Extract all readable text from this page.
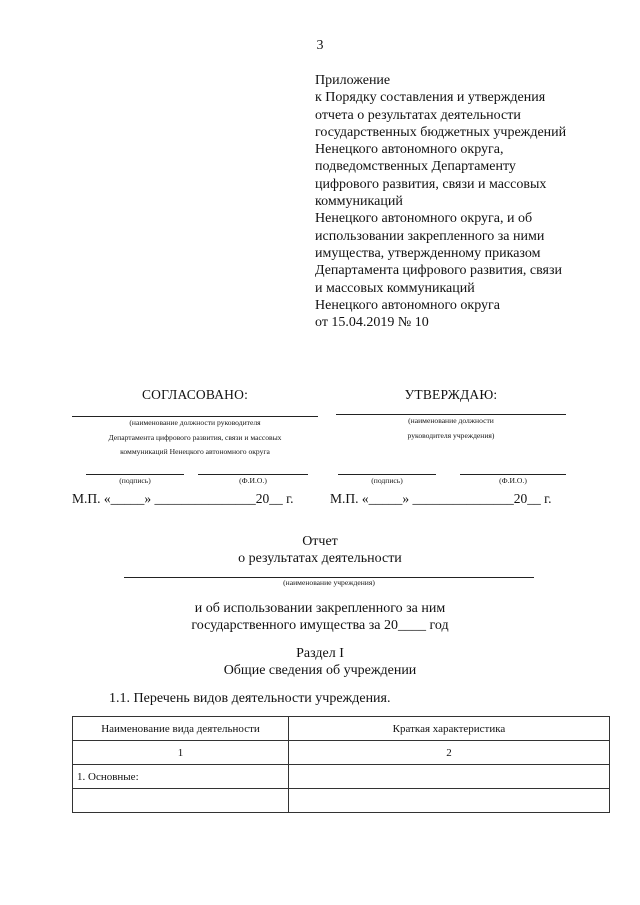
3
Приложение
к Порядку составления и утверждения
отчета о результатах деятельности
государственных бюджетных учреждений
Ненецкого автономного округа,
подведомственных Департаменту
цифрового развития, связи и массовых
коммуникаций
Ненецкого автономного округа, и об
использовании закрепленного за ними
имущества, утвержденному приказом
Департамента цифрового развития, связи
и массовых коммуникаций
Ненецкого автономного округа
от 15.04.2019 № 10
СОГЛАСОВАНО:
(наименование должности руководителя
Департамента цифрового развития, связи и массовых
коммуникаций Ненецкого автономного округа
(подпись)	(Ф.И.О.)
М.П. «_____» _______________20__ г.
УТВЕРЖДАЮ:
(наименование должности
руководителя учреждения)
(подпись)	(Ф.И.О.)
М.П. «_____» _______________20__ г.
Отчет
о результатах деятельности
(наименование учреждения)
и об использовании закрепленного за ним
государственного имущества за 20____ год
Раздел I
Общие сведения об учреждении
1.1. Перечень видов деятельности учреждения.
Наименование вида деятельности	Краткая характеристика
1	2
1. Основные:	
